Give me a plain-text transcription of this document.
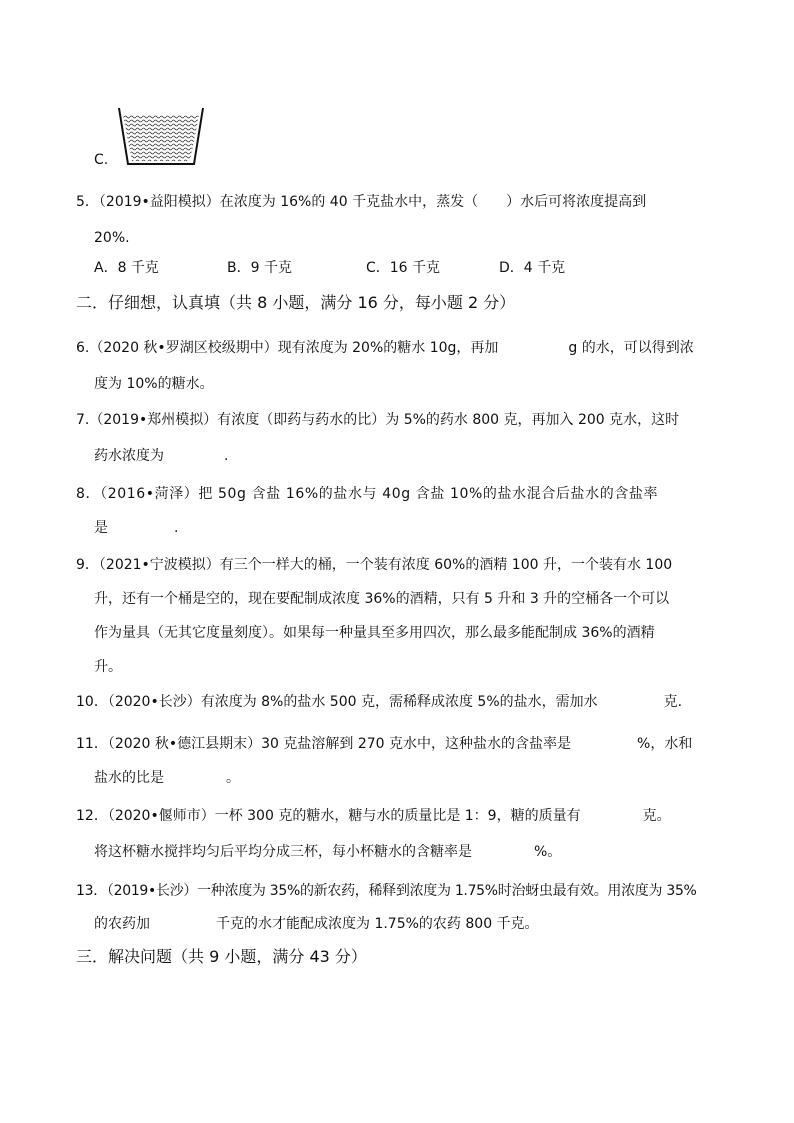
C.
5．（2019•益阳模拟）在浓度为 16%的 40 千克盐水中，蒸发（　　）水后可将浓度提高到
20%.
A．8 千克	B．9 千克	C．16 千克	D．4 千克
二．仔细想，认真填（共 8 小题，满分 16 分，每小题 2 分）
6.（2020 秋•罗湖区校级期中）现有浓度为 20%的糖水 10g，再加	g 的水，可以得到浓
度为 10%的糖水。
7.（2019•郑州模拟）有浓度（即药与药水的比）为 5%的药水 800 克，再加入 200 克水，这时
药水浓度为	.
8．（2016•菏泽）把 50g 含盐 16%的盐水与 40g 含盐 10%的盐水混合后盐水的含盐率
是	.
9．（2021•宁波模拟）有三个一样大的桶，一个装有浓度 60%的酒精 100 升，一个装有水 100
升，还有一个桶是空的，现在要配制成浓度 36%的酒精，只有 5 升和 3 升的空桶各一个可以
作为量具（无其它度量刻度）。如果每一种量具至多用四次，那么最多能配制成 36%的酒精
升。
10．（2020•长沙）有浓度为 8%的盐水 500 克，需稀释成浓度 5%的盐水，需加水	克.
11．（2020 秋•德江县期末）30 克盐溶解到 270 克水中，这种盐水的含盐率是	%，水和
盐水的比是	。
12．（2020•偃师市）一杯 300 克的糖水，糖与水的质量比是 1：9，糖的质量有	克。
将这杯糖水搅拌均匀后平均分成三杯，每小杯糖水的含糖率是	%。
13．（2019•长沙）一种浓度为 35%的新农药，稀释到浓度为 1.75%时治蚜虫最有效。用浓度为 35%
的农药加	千克的水才能配成浓度为 1.75%的农药 800 千克。
三．解决问题（共 9 小题，满分 43 分）
